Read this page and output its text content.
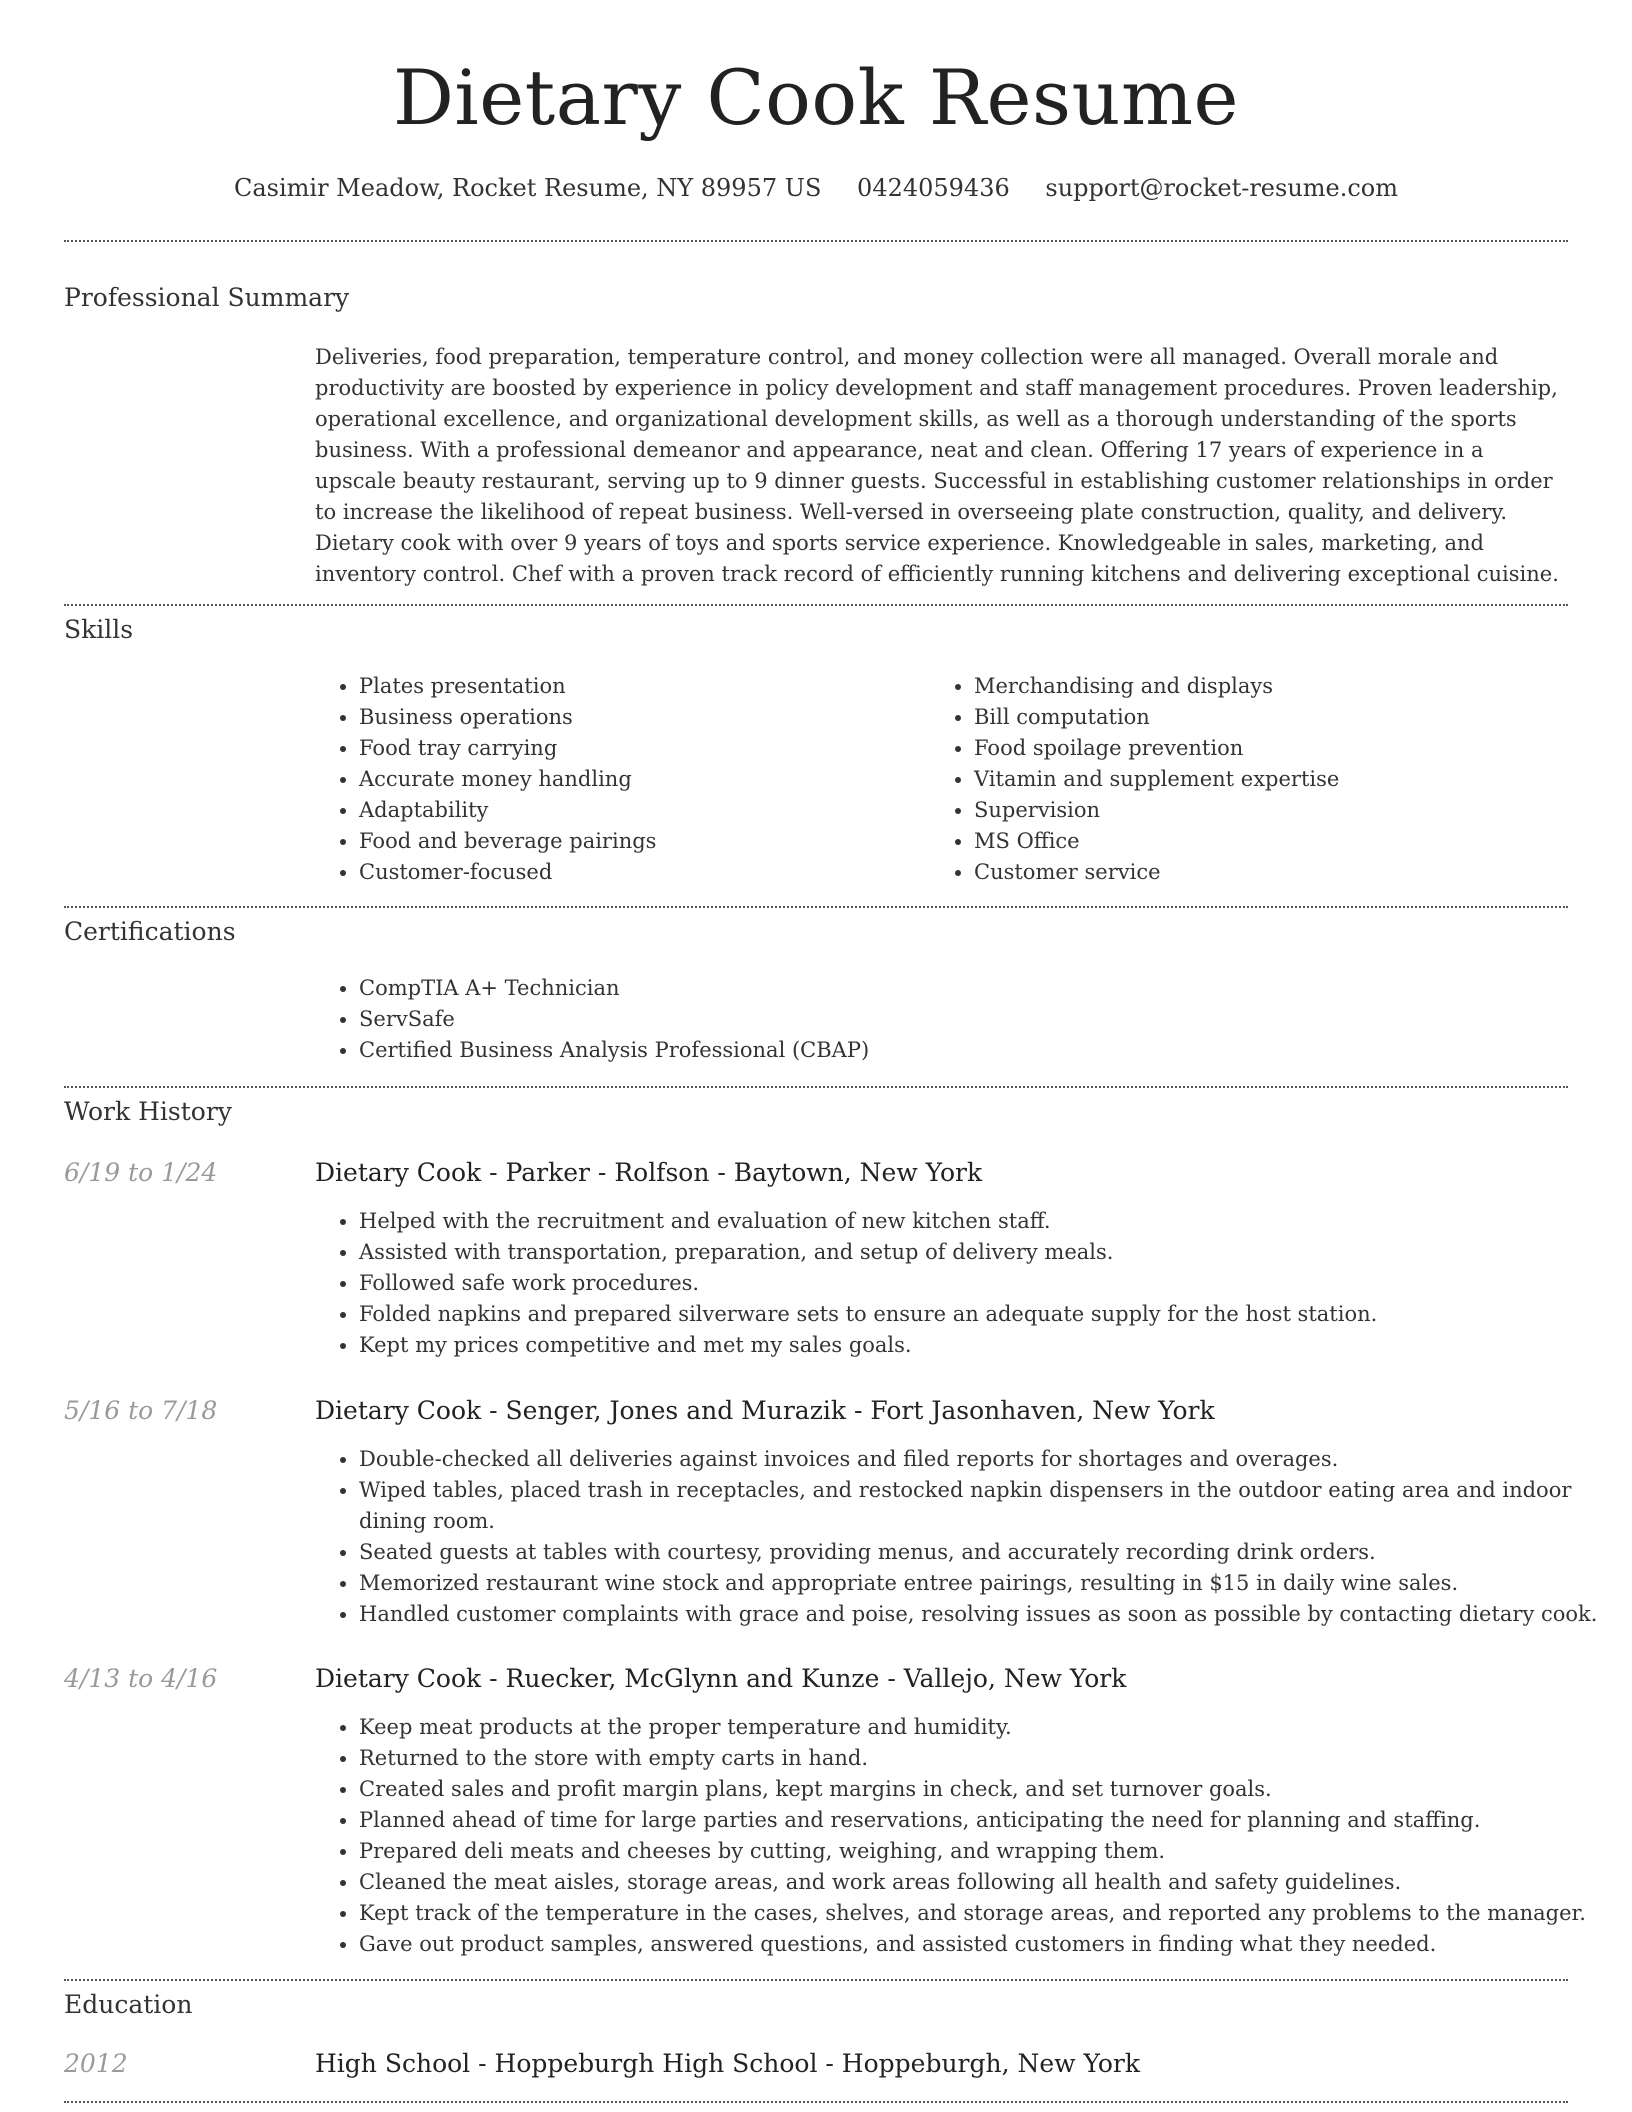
Dietary Cook Resume
Casimir Meadow, Rocket Resume, NY 89957 US 0424059436 support@rocket-resume.com
Professional Summary

Deliveries, food preparation, temperature control, and money collection were all managed. Overall morale and productivity are boosted by experience in policy development and staff management procedures. Proven leadership, operational excellence, and organizational development skills, as well as a thorough understanding of the sports business. With a professional demeanor and appearance, neat and clean. Offering 17 years of experience in a upscale beauty restaurant, serving up to 9 dinner guests. Successful in establishing customer relationships in order to increase the likelihood of repeat business. Well-versed in overseeing plate construction, quality, and delivery. Dietary cook with over 9 years of toys and sports service experience. Knowledgeable in sales, marketing, and inventory control. Chef with a proven track record of efficiently running kitchens and delivering exceptional cuisine.

Skills
• Plates presentation
• Business operations
• Food tray carrying
• Accurate money handling
• Adaptability
• Food and beverage pairings
• Customer-focused
• Merchandising and displays
• Bill computation
• Food spoilage prevention
• Vitamin and supplement expertise
• Supervision
• MS Office
• Customer service
Certifications
• CompTIA A+ Technician
• ServSafe
• Certified Business Analysis Professional (CBAP)
Work History
6/19 to 1/24	Dietary Cook - Parker - Rolfson - Baytown, New York
• Helped with the recruitment and evaluation of new kitchen staff.
• Assisted with transportation, preparation, and setup of delivery meals.
• Followed safe work procedures.
• Folded napkins and prepared silverware sets to ensure an adequate supply for the host station.
• Kept my prices competitive and met my sales goals.
5/16 to 7/18	Dietary Cook - Senger, Jones and Murazik - Fort Jasonhaven, New York
• Double-checked all deliveries against invoices and filed reports for shortages and overages.
• Wiped tables, placed trash in receptacles, and restocked napkin dispensers in the outdoor eating area and indoor dining room.
• Seated guests at tables with courtesy, providing menus, and accurately recording drink orders.
• Memorized restaurant wine stock and appropriate entree pairings, resulting in $15 in daily wine sales.
• Handled customer complaints with grace and poise, resolving issues as soon as possible by contacting dietary cook.
4/13 to 4/16	Dietary Cook - Ruecker, McGlynn and Kunze - Vallejo, New York
• Keep meat products at the proper temperature and humidity.
• Returned to the store with empty carts in hand.
• Created sales and profit margin plans, kept margins in check, and set turnover goals.
• Planned ahead of time for large parties and reservations, anticipating the need for planning and staffing.
• Prepared deli meats and cheeses by cutting, weighing, and wrapping them.
• Cleaned the meat aisles, storage areas, and work areas following all health and safety guidelines.
• Kept track of the temperature in the cases, shelves, and storage areas, and reported any problems to the manager.
• Gave out product samples, answered questions, and assisted customers in finding what they needed.
Education
2012	High School - Hoppeburgh High School - Hoppeburgh, New York
